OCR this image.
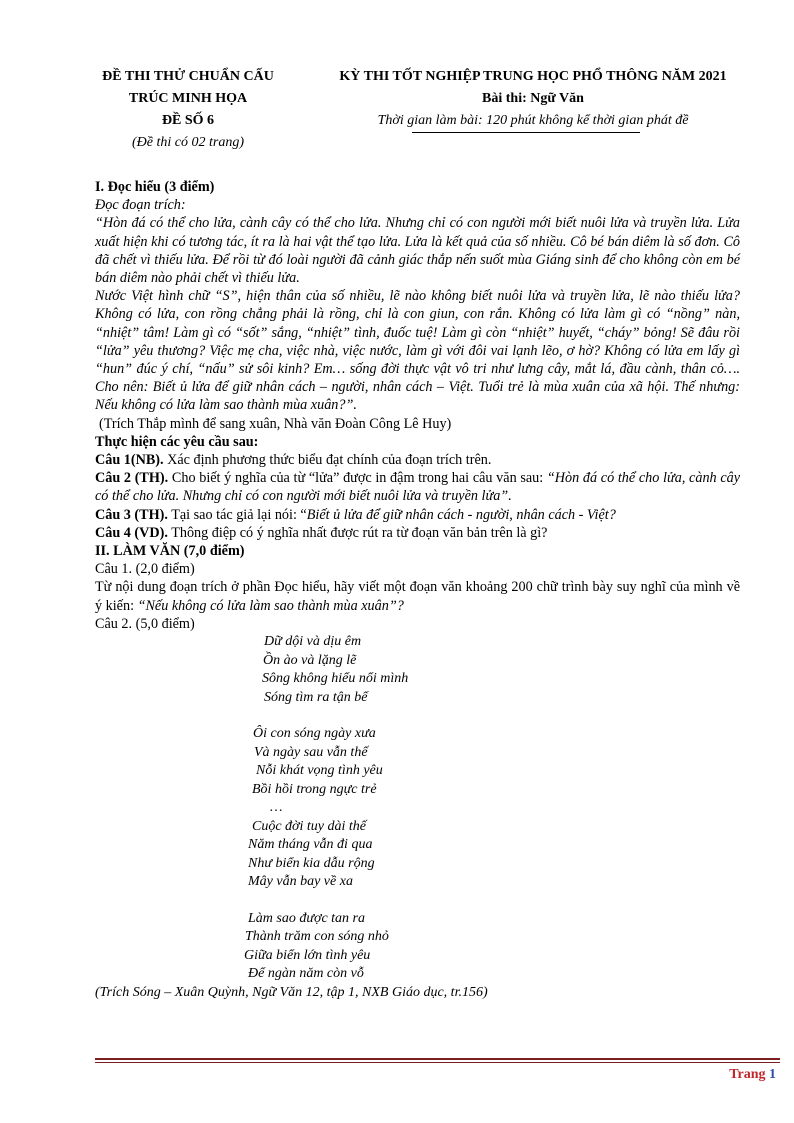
ĐỀ THI THỬ CHUẨN CẤU
TRÚC MINH HỌA
ĐỀ SỐ 6
(Đề thi có 02 trang)
KỲ THI TỐT NGHIỆP TRUNG HỌC PHỔ THÔNG NĂM 2021
Bài thi: Ngữ Văn
Thời gian làm bài: 120 phút không kể thời gian phát đề

I. Đọc hiểu (3 điểm)

Đọc đoạn trích:

“Hòn đá có thể cho lửa, cành cây có thể cho lửa. Nhưng chỉ có con người mới biết nuôi lửa và truyền lửa. Lửa xuất hiện khi có tương tác, ít ra là hai vật thể tạo lửa. Lửa là kết quả của số nhiều. Cô bé bán diêm là số đơn. Cô đã chết vì thiếu lửa. Để rồi từ đó loài người đã cảnh giác thắp nến suốt mùa Giáng sinh để cho không còn em bé bán diêm nào phải chết vì thiếu lửa.

Nước Việt hình chữ “S”, hiện thân của số nhiều, lẽ nào không biết nuôi lửa và truyền lửa, lẽ nào thiếu lửa? Không có lửa, con rồng chẳng phải là rồng, chỉ là con giun, con rắn. Không có lửa làm gì có “nồng” nàn, “nhiệt” tâm! Làm gì có “sốt” sắng, “nhiệt” tình, đuốc tuệ! Làm gì còn “nhiệt” huyết, “cháy” bỏng! Sẽ đâu rồi “lửa” yêu thương? Việc mẹ cha, việc nhà, việc nước, làm gì với đôi vai lạnh lẽo, ơ hờ? Không có lửa em lấy gì “hun” đúc ý chí, “nấu” sử sôi kinh? Em… sống đời thực vật vô tri như lưng cây, mắt lá, đầu cành, thân cỏ…. Cho nên: Biết ủ lửa để giữ nhân cách – người, nhân cách – Việt. Tuổi trẻ là mùa xuân của xã hội. Thế nhưng: Nếu không có lửa làm sao thành mùa xuân?”.

(Trích Thắp mình để sang xuân, Nhà văn Đoàn Công Lê Huy)

Thực hiện các yêu cầu sau:

Câu 1(NB). Xác định phương thức biểu đạt chính của đoạn trích trên.

Câu 2 (TH). Cho biết ý nghĩa của từ “lửa” được in đậm trong hai câu văn sau: “Hòn đá có thể cho lửa, cành cây có thể cho lửa. Nhưng chỉ có con người mới biết nuôi lửa và truyền lửa”.

Câu 3 (TH). Tại sao tác giả lại nói: “Biết ủ lửa để giữ nhân cách - người, nhân cách - Việt?

Câu 4 (VD). Thông điệp có ý nghĩa nhất được rút ra từ đoạn văn bản trên là gì?

II. LÀM VĂN (7,0 điểm)

Câu 1. (2,0 điểm)

Từ nội dung đoạn trích ở phần Đọc hiểu, hãy viết một đoạn văn khoảng 200 chữ trình bày suy nghĩ của mình về ý kiến: “Nếu không có lửa làm sao thành mùa xuân”?

Câu 2. (5,0 điểm)

Dữ dội và dịu êm
Ồn ào và lặng lẽ
Sông không hiểu nổi mình
Sóng tìm ra tận bể
Ôi con sóng ngày xưa
Và ngày sau vẫn thế
Nỗi khát vọng tình yêu
Bồi hồi trong ngực trẻ
…
Cuộc đời tuy dài thế
Năm tháng vẫn đi qua
Như biển kia dẫu rộng
Mây vẫn bay về xa
Làm sao được tan ra
Thành trăm con sóng nhỏ
Giữa biển lớn tình yêu
Để ngàn năm còn vỗ
(Trích Sóng – Xuân Quỳnh, Ngữ Văn 12, tập 1, NXB Giáo dục, tr.156)
Trang 1
